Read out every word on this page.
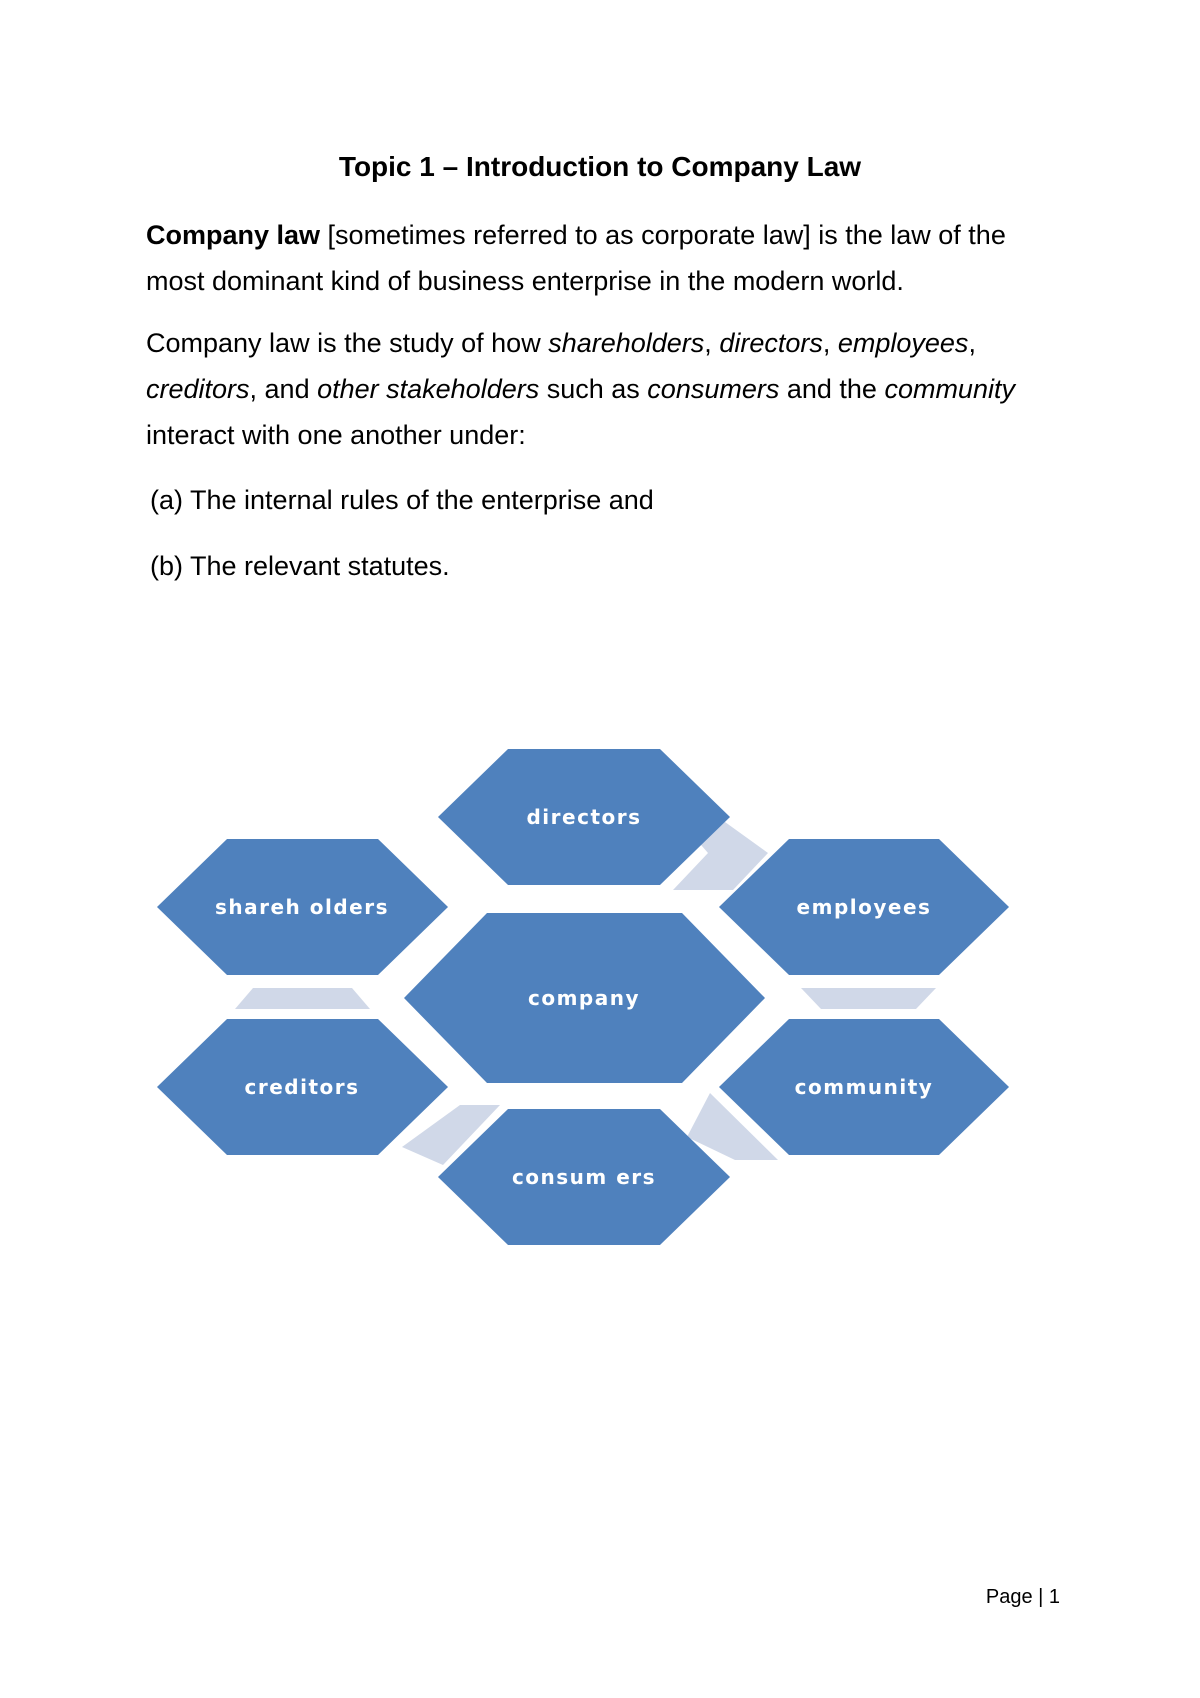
Topic 1 – Introduction to Company Law
Company law [sometimes referred to as corporate law] is the law of the most dominant kind of business enterprise in the modern world.
Company law is the study of how shareholders, directors, employees, creditors, and other stakeholders such as consumers and the community interact with one another under:
(a) The internal rules of the enterprise and
(b) The relevant statutes.
directors
shareh olders	employees
company
creditors	community
consum ers
Page | 1
